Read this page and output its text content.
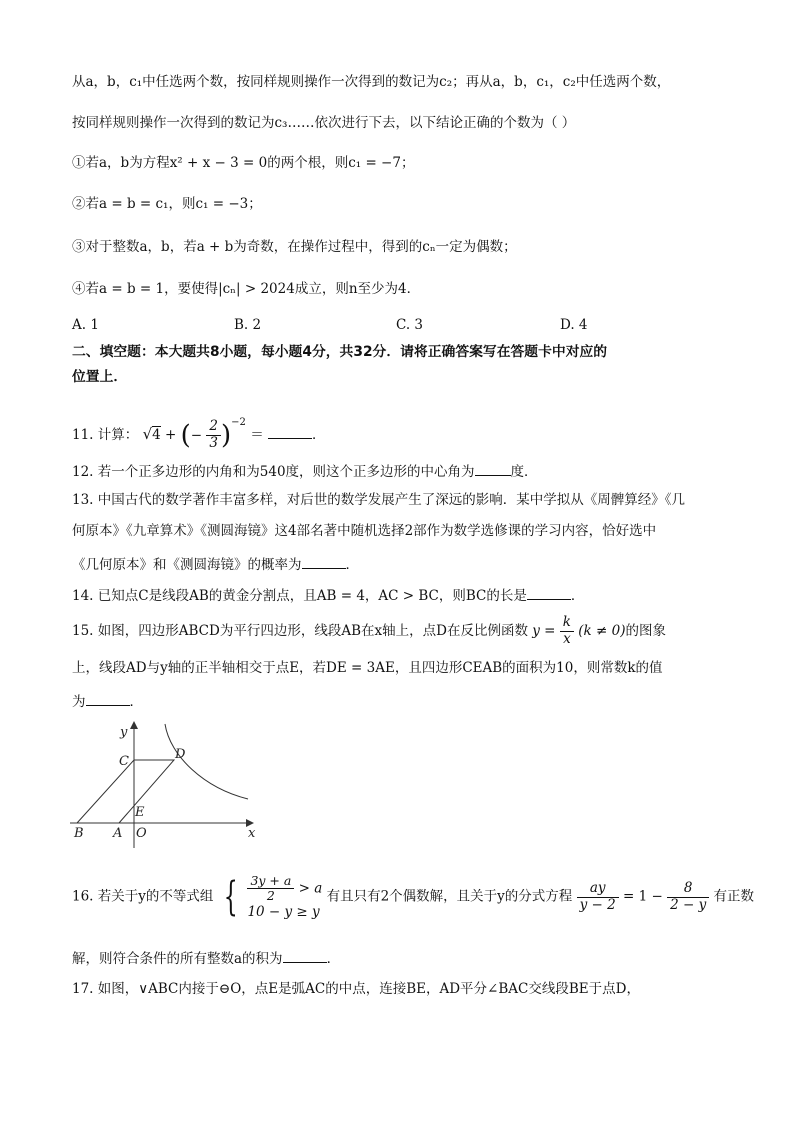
从a，b，c₁中任选两个数，按同样规则操作一次得到的数记为c₂；再从a，b，c₁，c₂中任选两个数，
按同样规则操作一次得到的数记为c₃……依次进行下去，以下结论正确的个数为（ ）
①若a，b为方程x² + x − 3 = 0的两个根，则c₁ = −7；
②若a = b = c₁，则c₁ = −3；
③对于整数a，b，若a + b为奇数，在操作过程中，得到的cₙ一定为偶数；
④若a = b = 1，要使得|cₙ| > 2024成立，则n至少为4．
A. 1	B. 2	C. 3	D. 4
二、填空题：本大题共8小题，每小题4分，共32分．请将正确答案写在答题卡中对应的
位置上．
11. 计算： √4 + (− $\frac{2}{3} )^{-2}$ ＝	．
12. 若一个正多边形的内角和为540度，则这个正多边形的中心角为	度．
13. 中国古代的数学著作丰富多样，对后世的数学发展产生了深远的影响．某中学拟从《周髀算经》《几
何原本》《九章算术》《测圆海镜》这4部名著中随机选择2部作为数学选修课的学习内容，恰好选中
《几何原本》和《测圆海镜》的概率为	．
14. 已知点C是线段AB的黄金分割点，且AB = 4，AC > BC，则BC的长是	．
15. 如图，四边形ABCD为平行四边形，线段AB在x轴上，点D在反比例函数 $y = \frac{k}{x} (k \ne 0)$的图象
上，线段AD与y轴的正半轴相交于点E，若DE = 3AE，且四边形CEAB的面积为10，则常数k的值
为	．
y
x
C	D
E
B A O
16. 若关于y的不等式组 { $\frac{3y + a}{2} > a$
10 − y ≥ y
有且只有2个偶数解，且关于y的分式方程 $\frac{ay}{y - 2} = 1 - \frac{8}{2 - y}$ 有正数
解，则符合条件的所有整数a的积为	．
17. 如图，∨ABC内接于⊖O，点E是弧AC的中点，连接BE，AD平分∠BAC交线段BE于点D，
